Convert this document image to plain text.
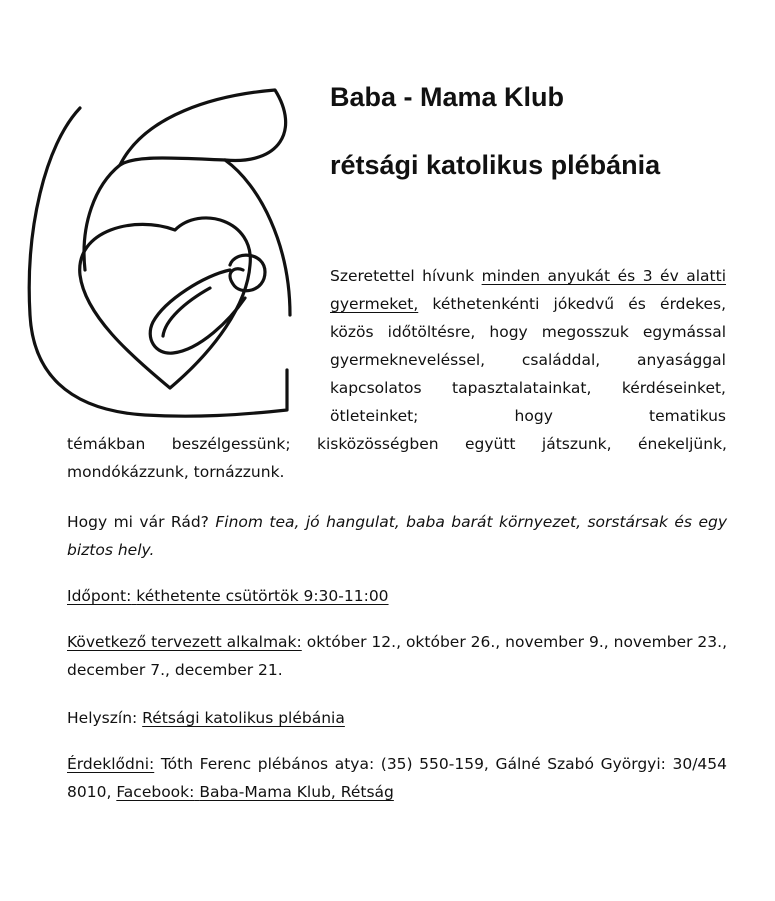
Baba - Mama Klub
rétsági katolikus plébánia

Szeretettel hívunk minden anyukát és 3 év alatti gyermeket, kéthetenkénti jókedvű és érdekes, közös időtöltésre, hogy megosszuk egymással gyermekneveléssel, családdal, anyasággal kapcsolatos tapasztalatainkat, kérdéseinket, ötleteinket; hogy tematikus

témákban beszélgessünk; kisközösségben együtt játszunk, énekeljünk, mondókázzunk, tornázzunk.

Hogy mi vár Rád? Finom tea, jó hangulat, baba barát környezet, sorstársak és egy biztos hely.

Időpont: kéthetente csütörtök 9:30-11:00

Következő tervezett alkalmak: október 12., október 26., november 9., november 23., december 7., december 21.

Helyszín: Rétsági katolikus plébánia

Érdeklődni: Tóth Ferenc plébános atya: (35) 550-159, Gálné Szabó Györgyi: 30/454 8010, Facebook: Baba-Mama Klub, Rétság
